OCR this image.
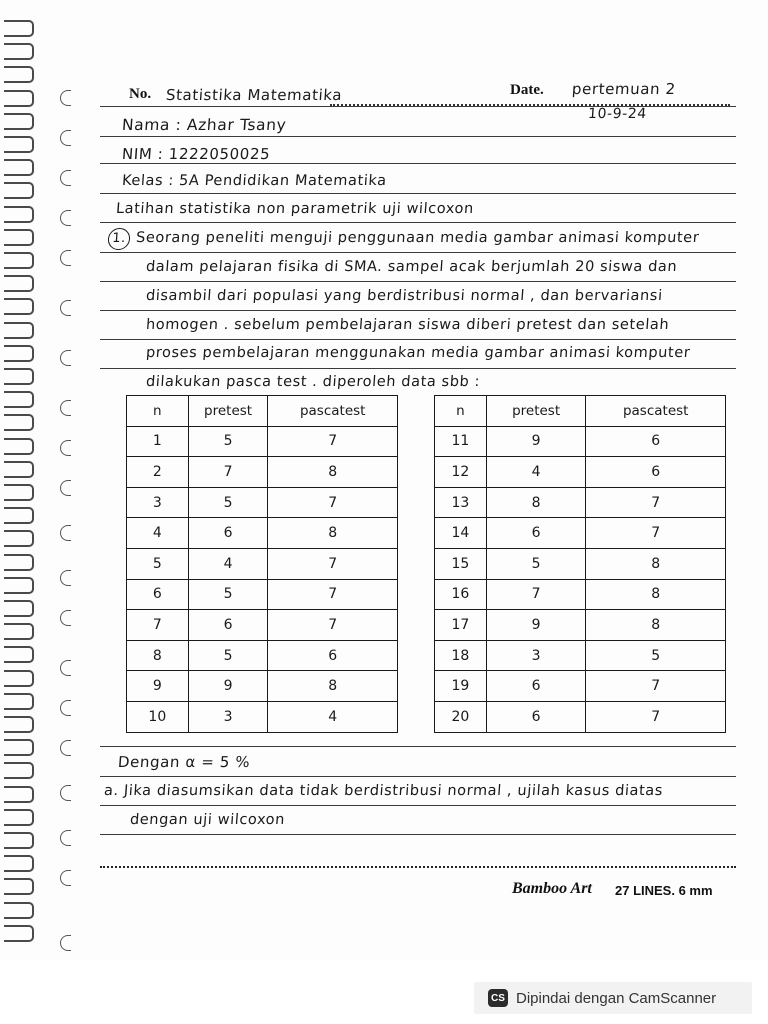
No. Statistika Matematika	Date. pertemuan 2
10-9-24
Nama : Azhar Tsany
NIM : 1222050025
Kelas : 5A Pendidikan Matematika
Latihan statistika non parametrik uji wilcoxon
1. Seorang peneliti menguji penggunaan media gambar animasi komputer
dalam pelajaran fisika di SMA. sampel acak berjumlah 20 siswa dan
disambil dari populasi yang berdistribusi normal , dan bervariansi
homogen . sebelum pembelajaran siswa diberi pretest dan setelah
proses pembelajaran menggunakan media gambar animasi komputer
dilakukan pasca test . diperoleh data sbb :
n	pretest	pascatest
1	5	7
2	7	8
3	5	7
4	6	8
5	4	7
6	5	7
7	6	7
8	5	6
9	9	8
10	3	4
n	pretest	pascatest
11	9	6
12	4	6
13	8	7
14	6	7
15	5	8
16	7	8
17	9	8
18	3	5
19	6	7
20	6	7
Dengan α = 5 %
a. Jika diasumsikan data tidak berdistribusi normal , ujilah kasus diatas
dengan uji wilcoxon
Bamboo Art 27 LINES. 6 mm
CS Dipindai dengan CamScanner
